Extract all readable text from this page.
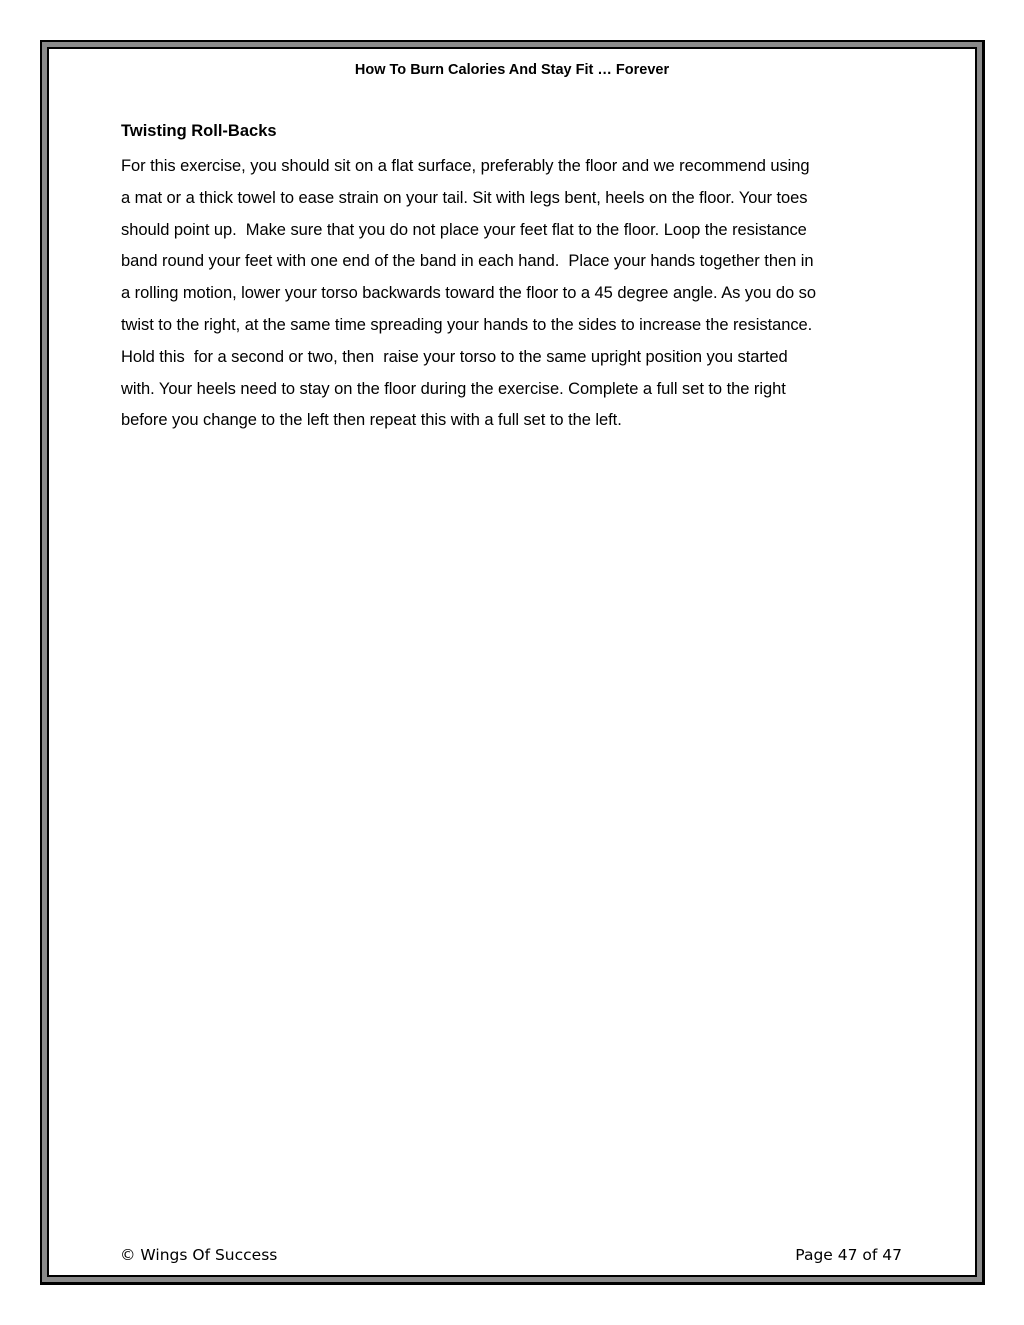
How To Burn Calories And Stay Fit … Forever
Twisting Roll-Backs

For this exercise, you should sit on a flat surface, preferably the floor and we recommend using
a mat or a thick towel to ease strain on your tail. Sit with legs bent, heels on the floor. Your toes
should point up.  Make sure that you do not place your feet flat to the floor. Loop the resistance
band round your feet with one end of the band in each hand.  Place your hands together then in
a rolling motion, lower your torso backwards toward the floor to a 45 degree angle. As you do so
twist to the right, at the same time spreading your hands to the sides to increase the resistance.
Hold this  for a second or two, then  raise your torso to the same upright position you started
with. Your heels need to stay on the floor during the exercise. Complete a full set to the right
before you change to the left then repeat this with a full set to the left.

© Wings Of Success	Page 47 of 47
